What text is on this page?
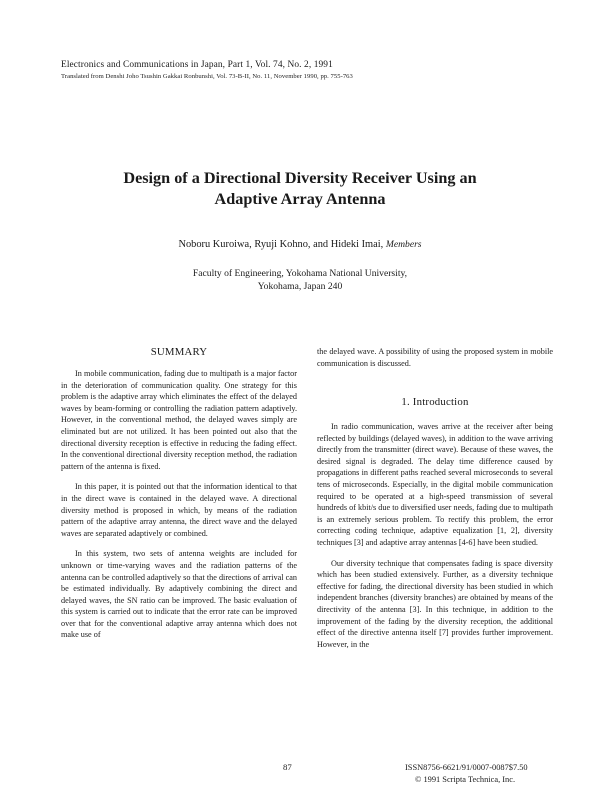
Electronics and Communications in Japan, Part 1, Vol. 74, No. 2, 1991
Translated from Denshi Joho Tsushin Gakkai Ronbunshi, Vol. 73-B-II, No. 11, November 1990, pp. 755-763
Design of a Directional Diversity Receiver Using an
Adaptive Array Antenna
Noboru Kuroiwa, Ryuji Kohno, and Hideki Imai, Members
Faculty of Engineering, Yokohama National University,
Yokohama, Japan 240
SUMMARY

In mobile communication, fading due to multipath is a major factor in the deterioration of communication quality. One strategy for this problem is the adaptive array which eliminates the effect of the delayed waves by beam-forming or controlling the radiation pattern adaptively. However, in the conventional method, the delayed waves simply are eliminated but are not utilized. It has been pointed out also that the directional diversity reception is effective in reducing the fading effect. In the conventional directional diversity reception method, the radiation pattern of the antenna is fixed.

In this paper, it is pointed out that the information identical to that in the direct wave is contained in the delayed wave. A directional diversity method is proposed in which, by means of the radiation pattern of the adaptive array antenna, the direct wave and the delayed waves are separated adaptively or combined.

In this system, two sets of antenna weights are included for unknown or time-varying waves and the radiation patterns of the antenna can be controlled adaptively so that the directions of arrival can be estimated individually. By adaptively combining the direct and delayed waves, the SN ratio can be improved. The basic evaluation of this system is carried out to indicate that the error rate can be improved over that for the conventional adaptive array antenna which does not make use of

the delayed wave. A possibility of using the proposed system in mobile communication is discussed.

1. Introduction

In radio communication, waves arrive at the receiver after being reflected by buildings (delayed waves), in addition to the wave arriving directly from the transmitter (direct wave). Because of these waves, the desired signal is degraded. The delay time difference caused by propagations in different paths reached several microseconds to several tens of microseconds. Especially, in the digital mobile communication required to be operated at a high-speed transmission of several hundreds of kbit/s due to diversified user needs, fading due to multipath is an extremely serious problem. To rectify this problem, the error correcting coding technique, adaptive equalization [1, 2], diversity techniques [3] and adaptive array antennas [4-6] have been studied.

Our diversity technique that compensates fading is space diversity which has been studied extensively. Further, as a diversity technique effective for fading, the directional diversity has been studied in which independent branches (diversity branches) are obtained by means of the directivity of the antenna [3]. In this technique, in addition to the improvement of the fading by the diversity reception, the additional effect of the directive antenna itself [7] provides further improvement. However, in the

87	ISSN8756-6621/91/0007-0087$7.50
© 1991 Scripta Technica, Inc.
